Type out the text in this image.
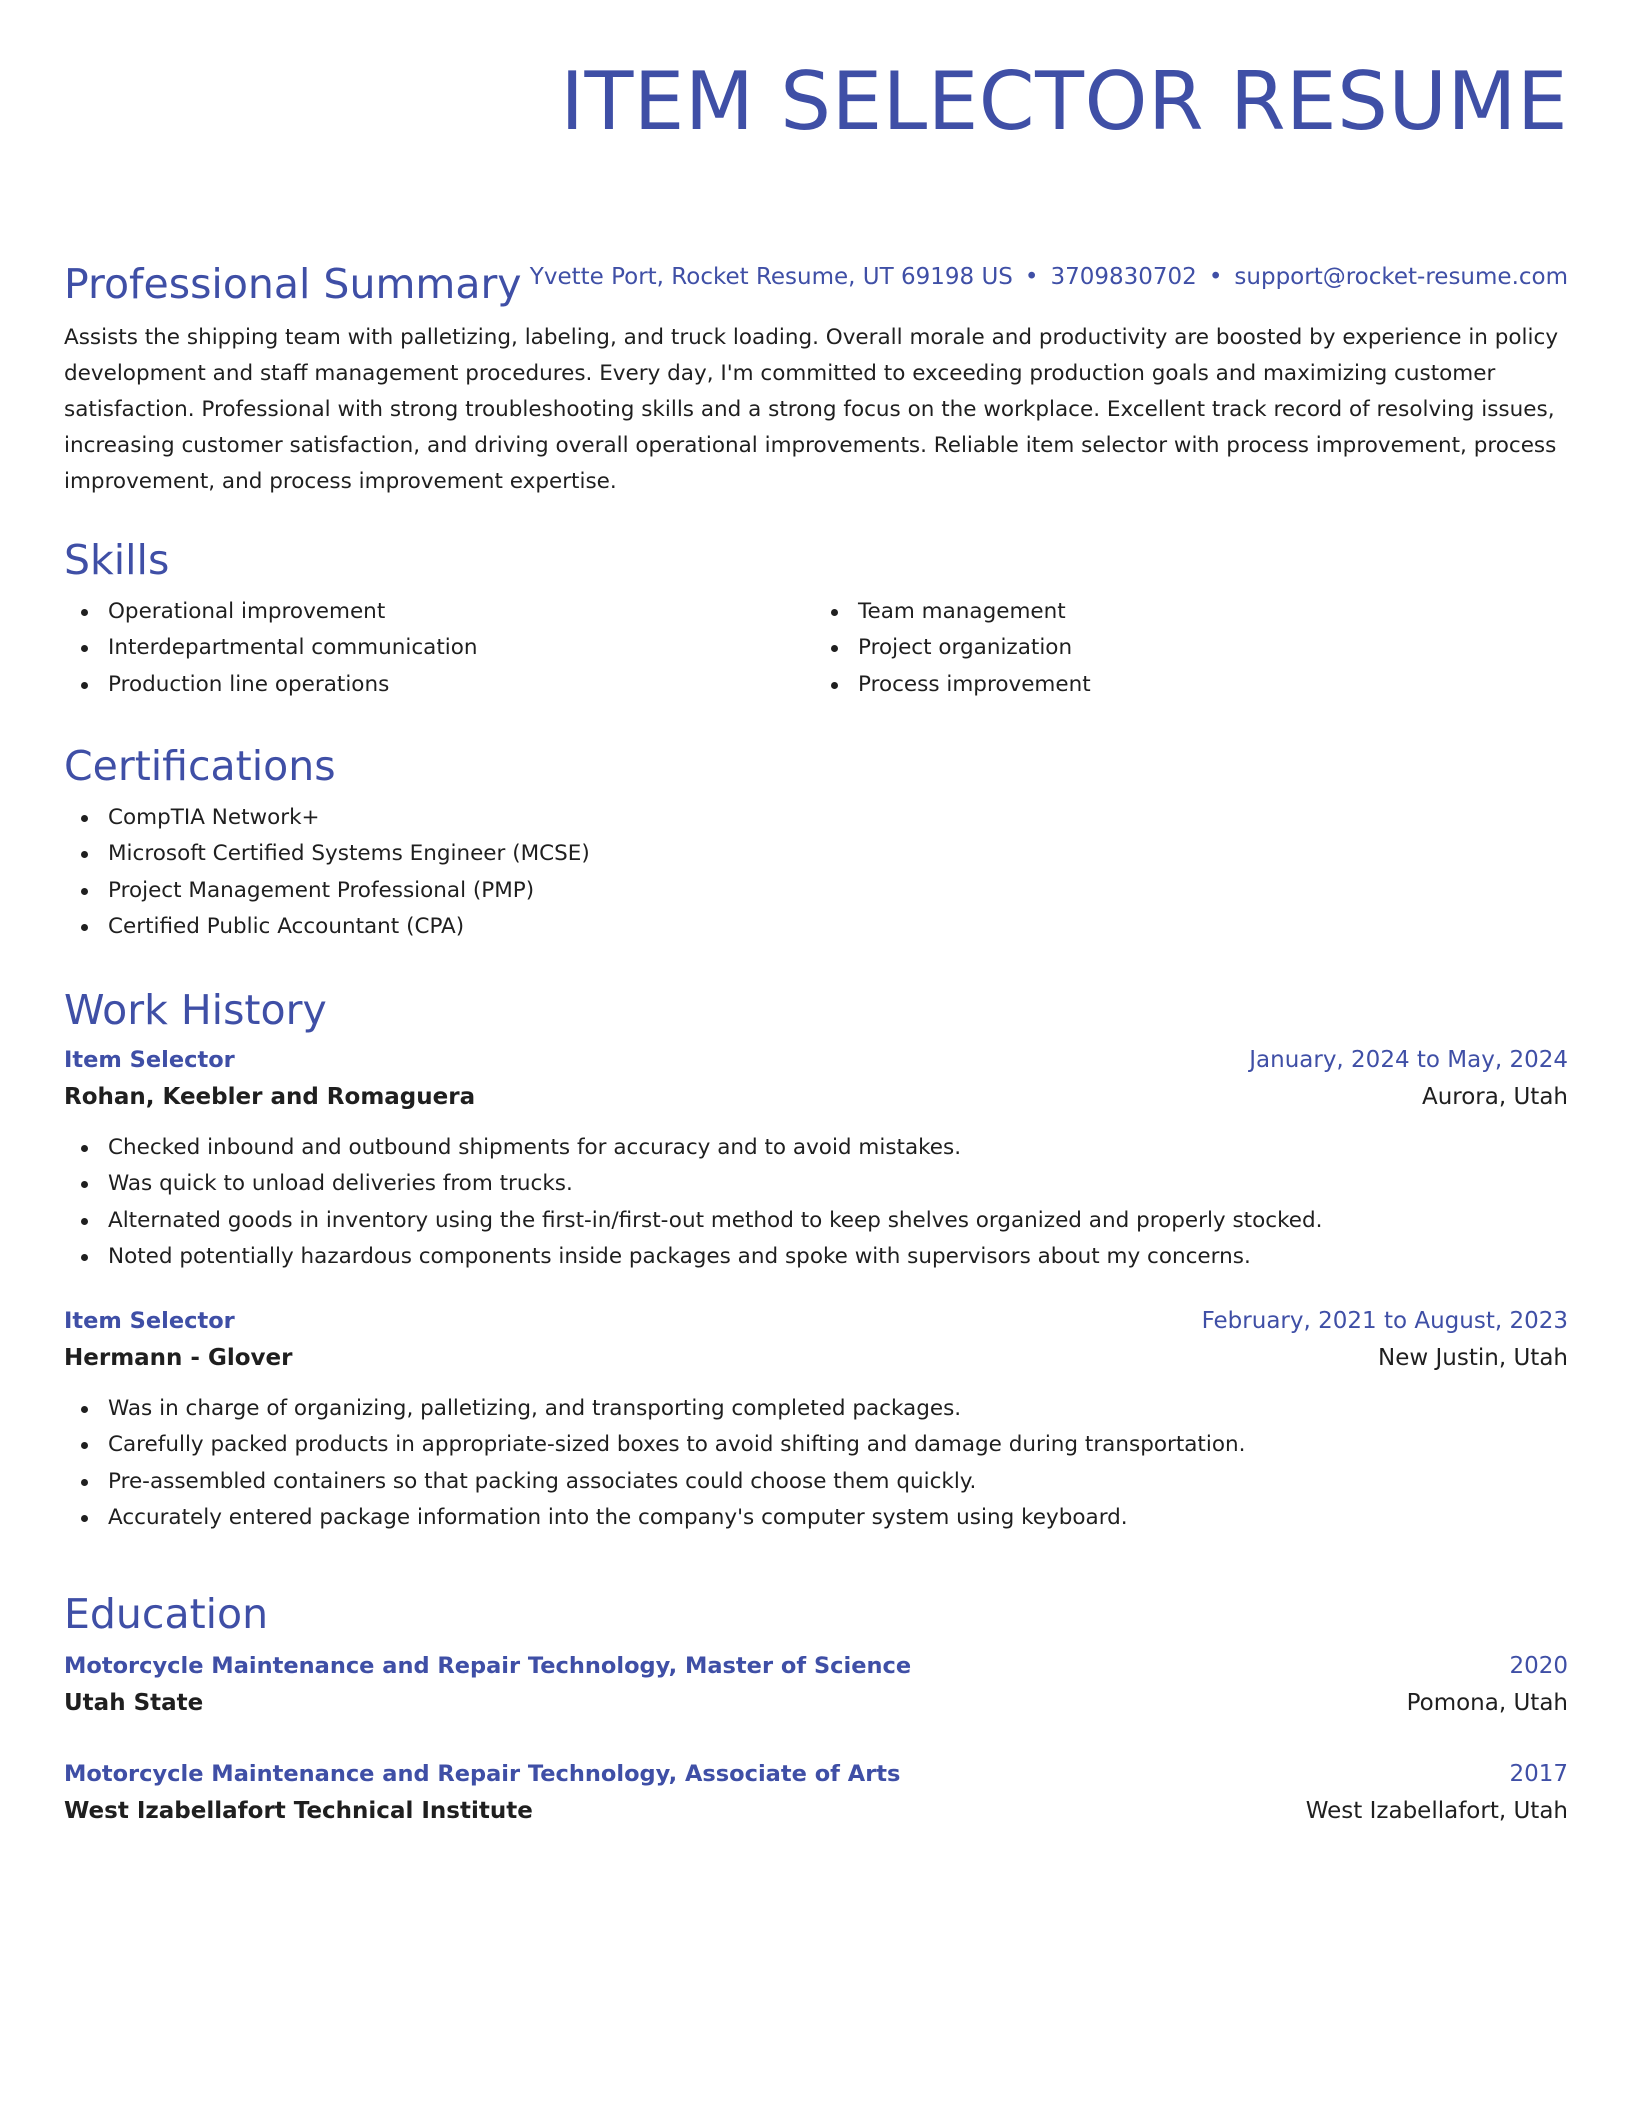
ITEM SELECTOR RESUME
Yvette Port, Rocket Resume, UT 69198 US • 3709830702 • support@rocket-resume.com
Professional Summary

Assists the shipping team with palletizing, labeling, and truck loading. Overall morale and productivity are boosted by experience in policy development and staff management procedures. Every day, I'm committed to exceeding production goals and maximizing customer satisfaction. Professional with strong troubleshooting skills and a strong focus on the workplace. Excellent track record of resolving issues, increasing customer satisfaction, and driving overall operational improvements. Reliable item selector with process improvement, process improvement, and process improvement expertise.

Skills
Operational improvement
Interdepartmental communication
Production line operations
Team management
Project organization
Process improvement
Certifications
CompTIA Network+
Microsoft Certified Systems Engineer (MCSE)
Project Management Professional (PMP)
Certified Public Accountant (CPA)
Work History
Item Selector	January, 2024 to May, 2024
Rohan, Keebler and Romaguera	Aurora, Utah
Checked inbound and outbound shipments for accuracy and to avoid mistakes.
Was quick to unload deliveries from trucks.
Alternated goods in inventory using the first-in/first-out method to keep shelves organized and properly stocked.
Noted potentially hazardous components inside packages and spoke with supervisors about my concerns.
Item Selector	February, 2021 to August, 2023
Hermann - Glover	New Justin, Utah
Was in charge of organizing, palletizing, and transporting completed packages.
Carefully packed products in appropriate-sized boxes to avoid shifting and damage during transportation.
Pre-assembled containers so that packing associates could choose them quickly.
Accurately entered package information into the company's computer system using keyboard.
Education
Motorcycle Maintenance and Repair Technology, Master of Science	2020
Utah State	Pomona, Utah
Motorcycle Maintenance and Repair Technology, Associate of Arts	2017
West Izabellafort Technical Institute	West Izabellafort, Utah
